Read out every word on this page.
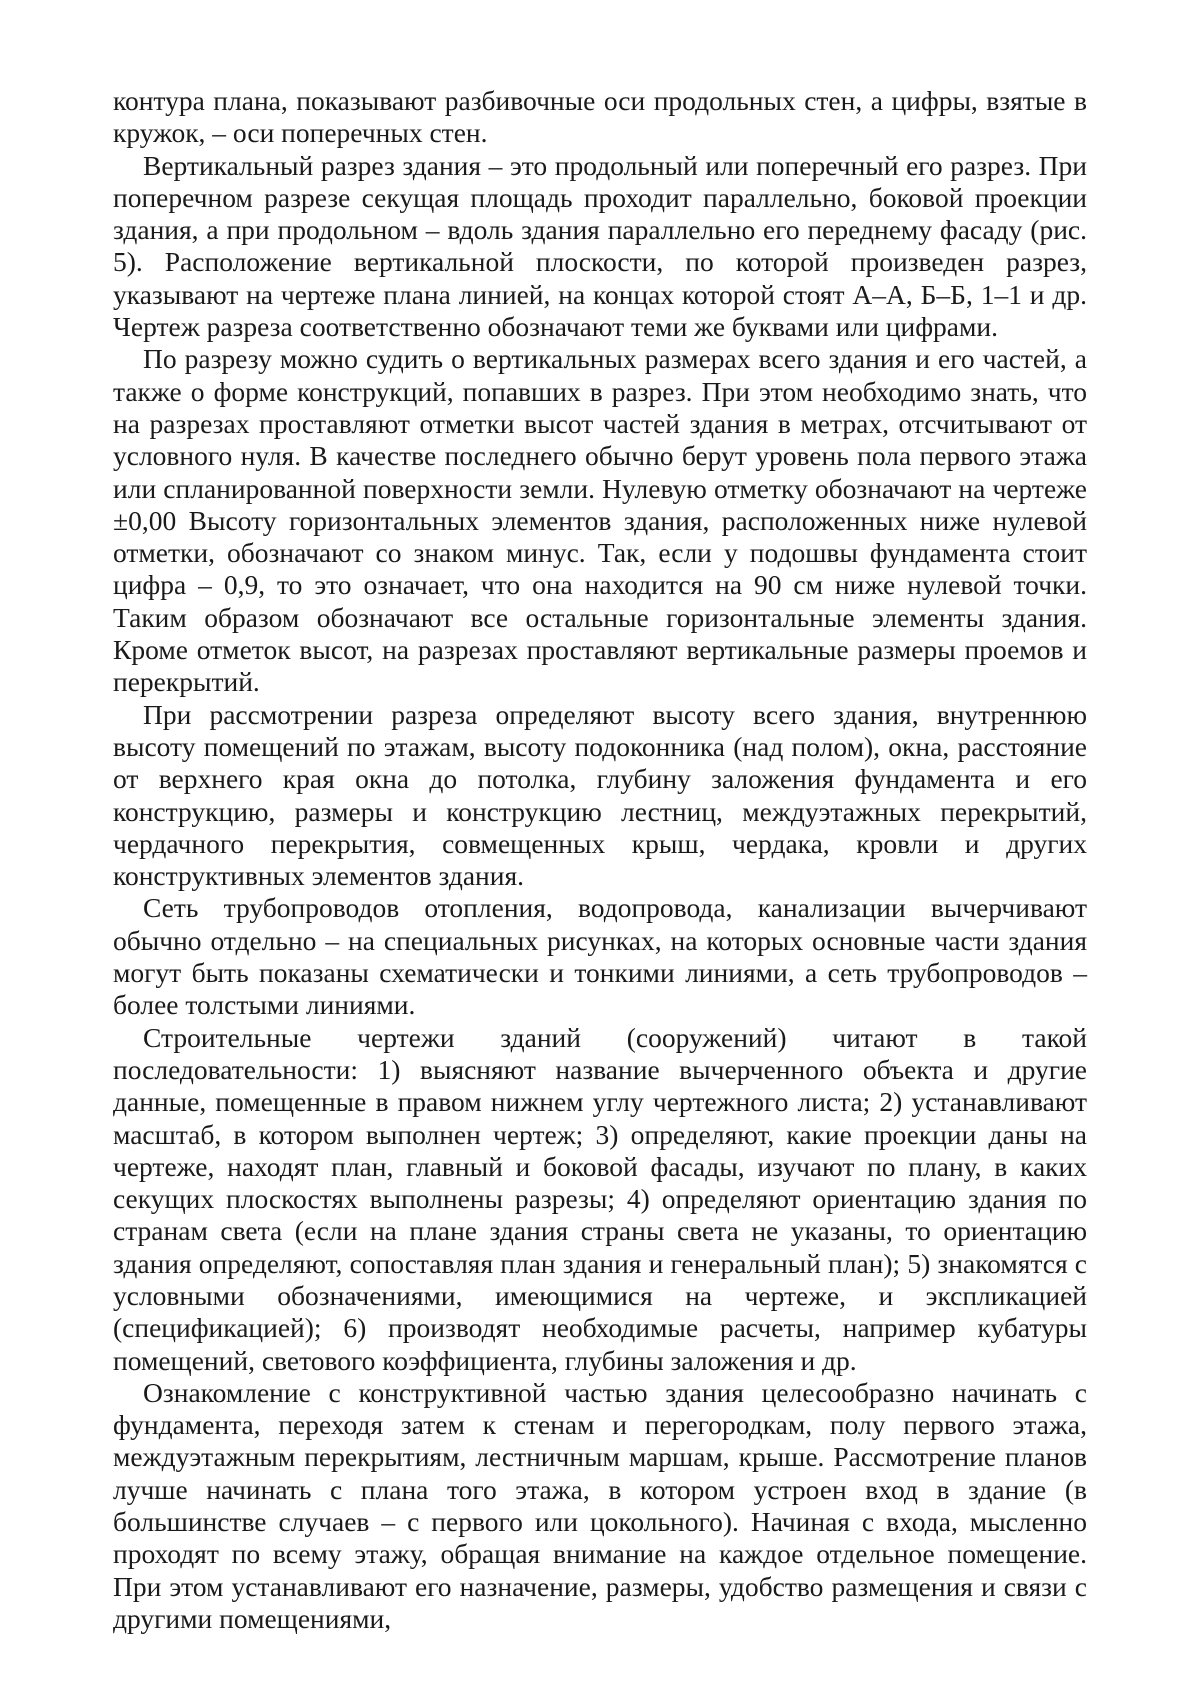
контура плана, показывают разбивочные оси продольных стен, а цифры, взятые в кружок, – оси поперечных стен.

Вертикальный разрез здания – это продольный или поперечный его разрез. При поперечном разрезе секущая площадь проходит параллельно, боковой проекции здания, а при продольном – вдоль здания параллельно его переднему фасаду (рис. 5). Расположение вертикальной плоскости, по которой произведен разрез, указывают на чертеже плана линией, на концах которой стоят А–А, Б–Б, 1–1 и др. Чертеж разреза соответственно обозначают теми же буквами или цифрами.

По разрезу можно судить о вертикальных размерах всего здания и его частей, а также о форме конструкций, попавших в разрез. При этом необходимо знать, что на разрезах проставляют отметки высот частей здания в метрах, отсчитывают от условного нуля. В качестве последнего обычно берут уровень пола первого этажа или спланированной поверхности земли. Нулевую отметку обозначают на чертеже ±0,00 Высоту горизонтальных элементов здания, расположенных ниже нулевой отметки, обозначают со знаком минус. Так, если у подошвы фундамента стоит цифра – 0,9, то это означает, что она находится на 90 см ниже нулевой точки. Таким образом обозначают все остальные горизонтальные элементы здания. Кроме отметок высот, на разрезах проставляют вертикальные размеры проемов и перекрытий.

При рассмотрении разреза определяют высоту всего здания, внутреннюю высоту помещений по этажам, высоту подоконника (над полом), окна, расстояние от верхнего края окна до потолка, глубину заложения фундамента и его конструкцию, размеры и конструкцию лестниц, междуэтажных перекрытий, чердачного перекрытия, совмещенных крыш, чердака, кровли и других конструктивных элементов здания.

Сеть трубопроводов отопления, водопровода, канализации вычерчивают обычно отдельно – на специальных рисунках, на которых основные части здания могут быть показаны схематически и тонкими линиями, а сеть трубопроводов – более толстыми линиями.

Строительные чертежи зданий (сооружений) читают в такой последовательности: 1) выясняют название вычерченного объекта и другие данные, помещенные в правом нижнем углу чертежного листа; 2) устанавливают масштаб, в котором выполнен чертеж; 3) определяют, какие проекции даны на чертеже, находят план, главный и боковой фасады, изучают по плану, в каких секущих плоскостях выполнены разрезы; 4) определяют ориентацию здания по странам света (если на плане здания страны света не указаны, то ориентацию здания определяют, сопоставляя план здания и генеральный план); 5) знакомятся с условными обозначениями, имеющимися на чертеже, и экспликацией (спецификацией); 6) производят необходимые расчеты, например кубатуры помещений, светового коэффициента, глубины заложения и др.

Ознакомление с конструктивной частью здания целесообразно начинать с фундамента, переходя затем к стенам и перегородкам, полу первого этажа, междуэтажным перекрытиям, лестничным маршам, крыше. Рассмотрение планов лучше начинать с плана того этажа, в котором устроен вход в здание (в большинстве случаев – с первого или цокольного). Начиная с входа, мысленно проходят по всему этажу, обращая внимание на каждое отдельное помещение. При этом устанавливают его назначение, размеры, удобство размещения и связи с другими помещениями,
